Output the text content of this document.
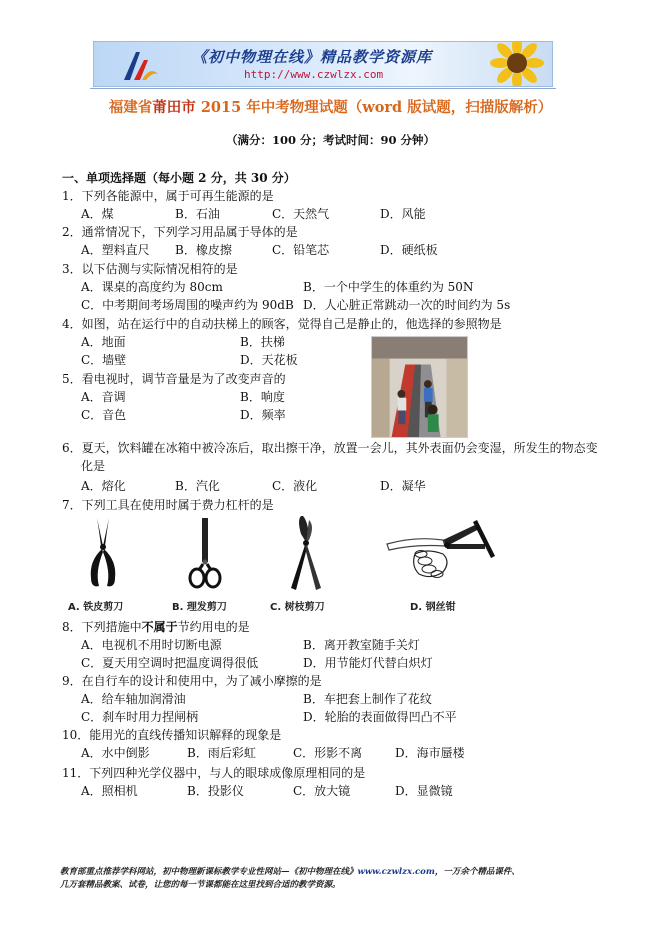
《初中物理在线》精品教学资源库
http://www.czwlzx.com
福建省莆田市 2015 年中考物理试题（word 版试题，扫描版解析）
（满分：100 分；考试时间：90 分钟）
一、单项选择题（每小题 2 分，共 30 分）
1．下列各能源中，属于可再生能源的是
A．煤	B．石油	C．天然气	D．风能
2．通常情况下，下列学习用品属于导体的是
A．塑料直尺 B．橡皮擦	C．铅笔芯	D．硬纸板
3．以下估测与实际情况相符的是
A．课桌的高度约为 80cm	B．一个中学生的体重约为 50N
C．中考期间考场周围的噪声约为 90dB D．人心脏正常跳动一次的时间约为 5s
4．如图，站在运行中的自动扶梯上的顾客，觉得自己是静止的，他选择的参照物是
A．地面	B．扶梯
C．墙壁	D．天花板
5．看电视时，调节音量是为了改变声音的
A．音调	B．响度
C．音色	D．频率
6．夏天，饮料罐在冰箱中被冷冻后，取出擦干净，放置一会儿，其外表面仍会变湿，所发生的物态变
化是
A．熔化	B．汽化	C．液化	D．凝华
7．下列工具在使用时属于费力杠杆的是
A. 铁皮剪刀	B. 理发剪刀	C. 树枝剪刀	D. 钢丝钳
8．下列措施中不属于节约用电的是
A．电视机不用时切断电源	B．离开教室随手关灯
C．夏天用空调时把温度调得很低	D．用节能灯代替白炽灯
9．在自行车的设计和使用中，为了减小摩擦的是
A．给车轴加润滑油	B．车把套上制作了花纹
C．刹车时用力捏闸柄	D．轮胎的表面做得凹凸不平
10．能用光的直线传播知识解释的现象是
A．水中倒影	B．雨后彩虹	C．形影不离	D．海市蜃楼
11．下列四种光学仪器中，与人的眼球成像原理相同的是
A．照相机	B．投影仪	C．放大镜	D．显微镜
教育部重点推荐学科网站，初中物理新课标教学专业性网站—《初中物理在线》www.czwlzx.com，一万余个精品课件、
几万套精品教案、试卷，让您的每一节课都能在这里找到合适的教学资源。
